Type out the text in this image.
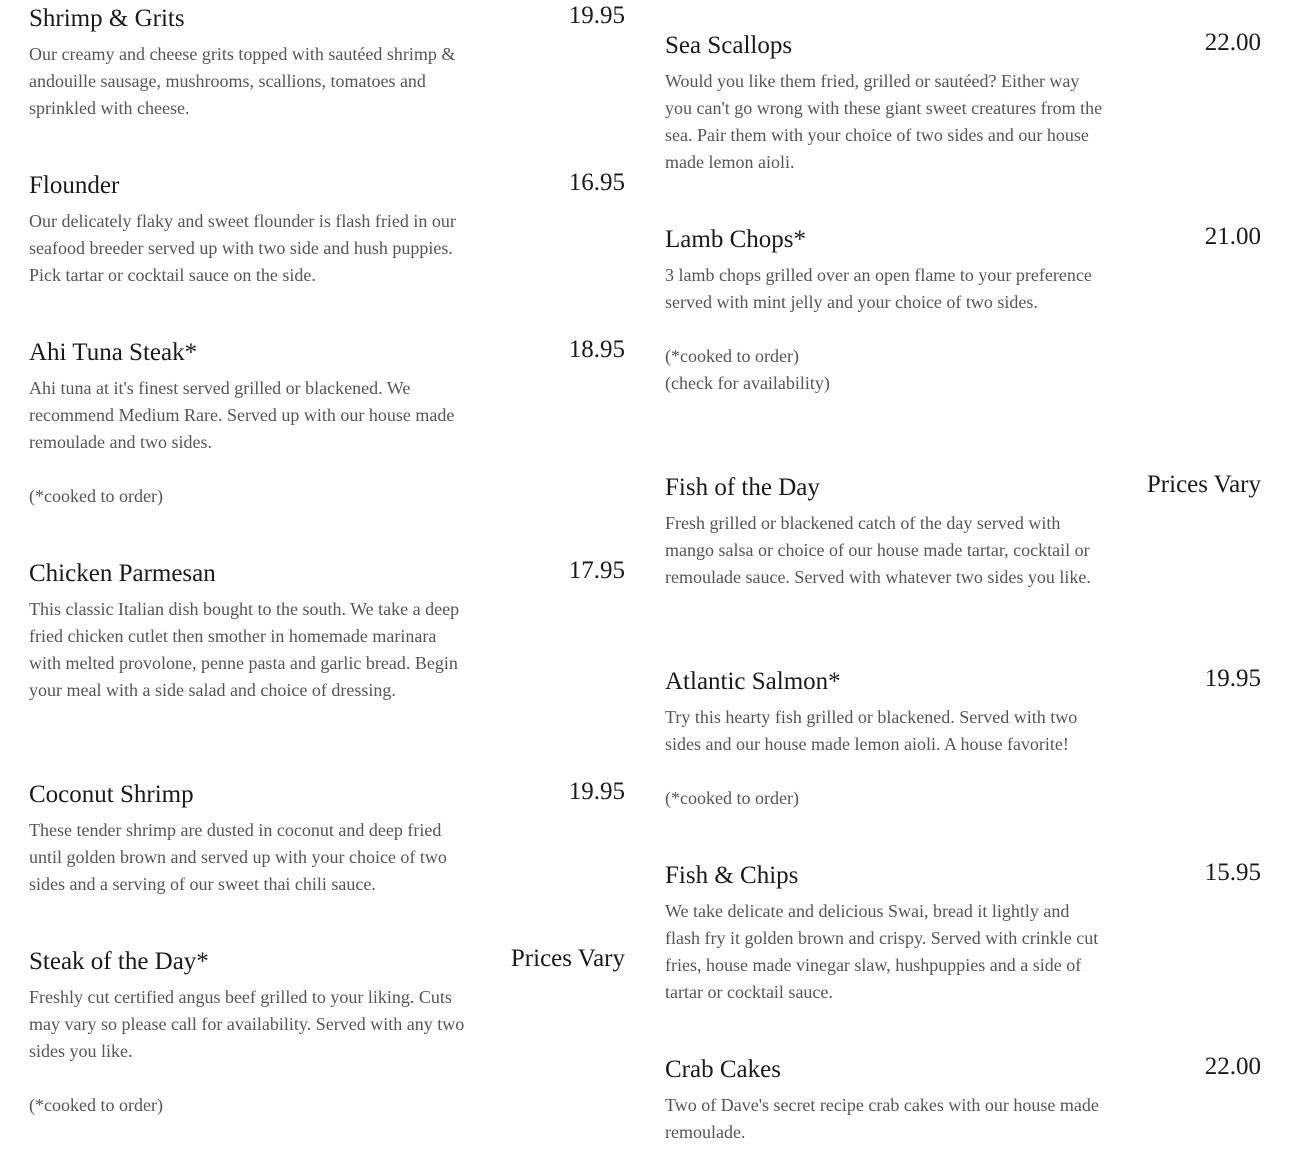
Shrimp & Grits	19.95
Our creamy and cheese grits topped with sautéed shrimp & andouille sausage, mushrooms, scallions, tomatoes and sprinkled with cheese.
Flounder	16.95
Our delicately flaky and sweet flounder is flash fried in our seafood breeder served up with two side and hush puppies. Pick tartar or cocktail sauce on the side.
Ahi Tuna Steak*	18.95
Ahi tuna at it's finest served grilled or blackened. We recommend Medium Rare. Served up with our house made remoulade and two sides.
(*cooked to order)
Chicken Parmesan	17.95
This classic Italian dish bought to the south. We take a deep fried chicken cutlet then smother in homemade marinara with melted provolone, penne pasta and garlic bread. Begin your meal with a side salad and choice of dressing.
Coconut Shrimp	19.95
These tender shrimp are dusted in coconut and deep fried until golden brown and served up with your choice of two sides and a serving of our sweet thai chili sauce.
Steak of the Day*	Prices Vary
Freshly cut certified angus beef grilled to your liking. Cuts may vary so please call for availability. Served with any two sides you like.
(*cooked to order)
Sea Scallops	22.00
Would you like them fried, grilled or sautéed? Either way you can't go wrong with these giant sweet creatures from the sea. Pair them with your choice of two sides and our house made lemon aioli.
Lamb Chops*	21.00
3 lamb chops grilled over an open flame to your preference served with mint jelly and your choice of two sides.
(*cooked to order)
(check for availability)
Fish of the Day	Prices Vary
Fresh grilled or blackened catch of the day served with mango salsa or choice of our house made tartar, cocktail or remoulade sauce. Served with whatever two sides you like.
Atlantic Salmon*	19.95
Try this hearty fish grilled or blackened. Served with two sides and our house made lemon aioli. A house favorite!
(*cooked to order)
Fish & Chips	15.95
We take delicate and delicious Swai, bread it lightly and flash fry it golden brown and crispy. Served with crinkle cut fries, house made vinegar slaw, hushpuppies and a side of tartar or cocktail sauce.
Crab Cakes	22.00
Two of Dave's secret recipe crab cakes with our house made remoulade.
